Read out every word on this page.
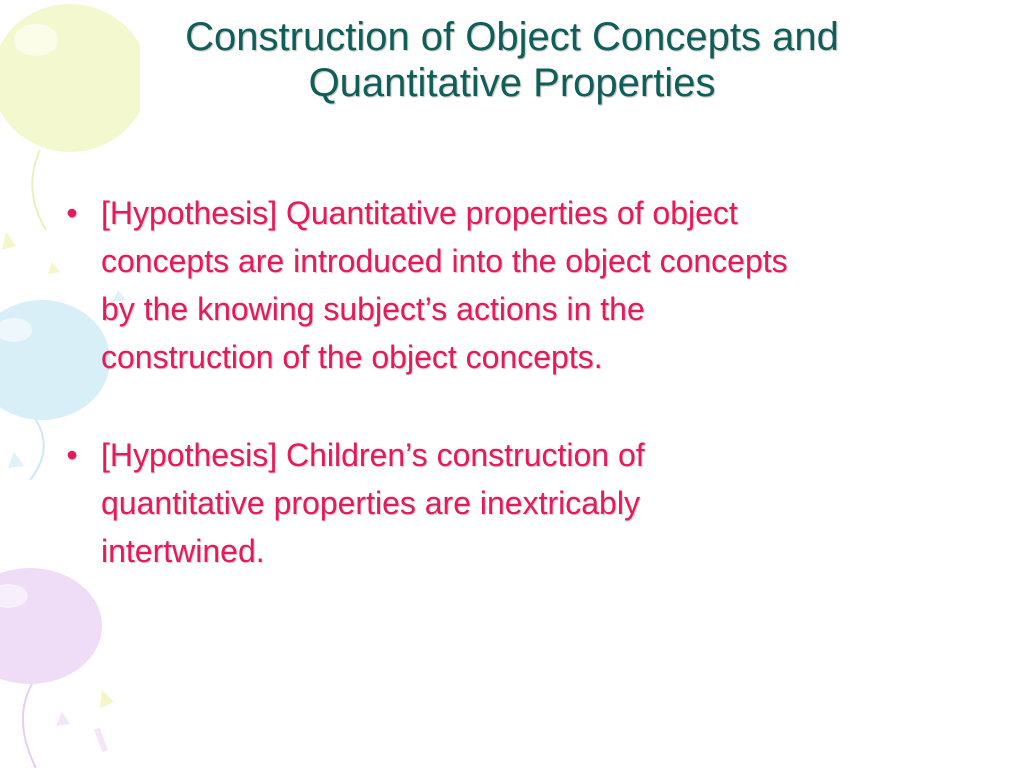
Construction of Object Concepts and
Quantitative Properties
• [Hypothesis] Quantitative properties of object
concepts are introduced into the object concepts
by the knowing subject’s actions in the
construction of the object concepts.
• [Hypothesis] Children’s construction of
quantitative properties are inextricably
intertwined.
